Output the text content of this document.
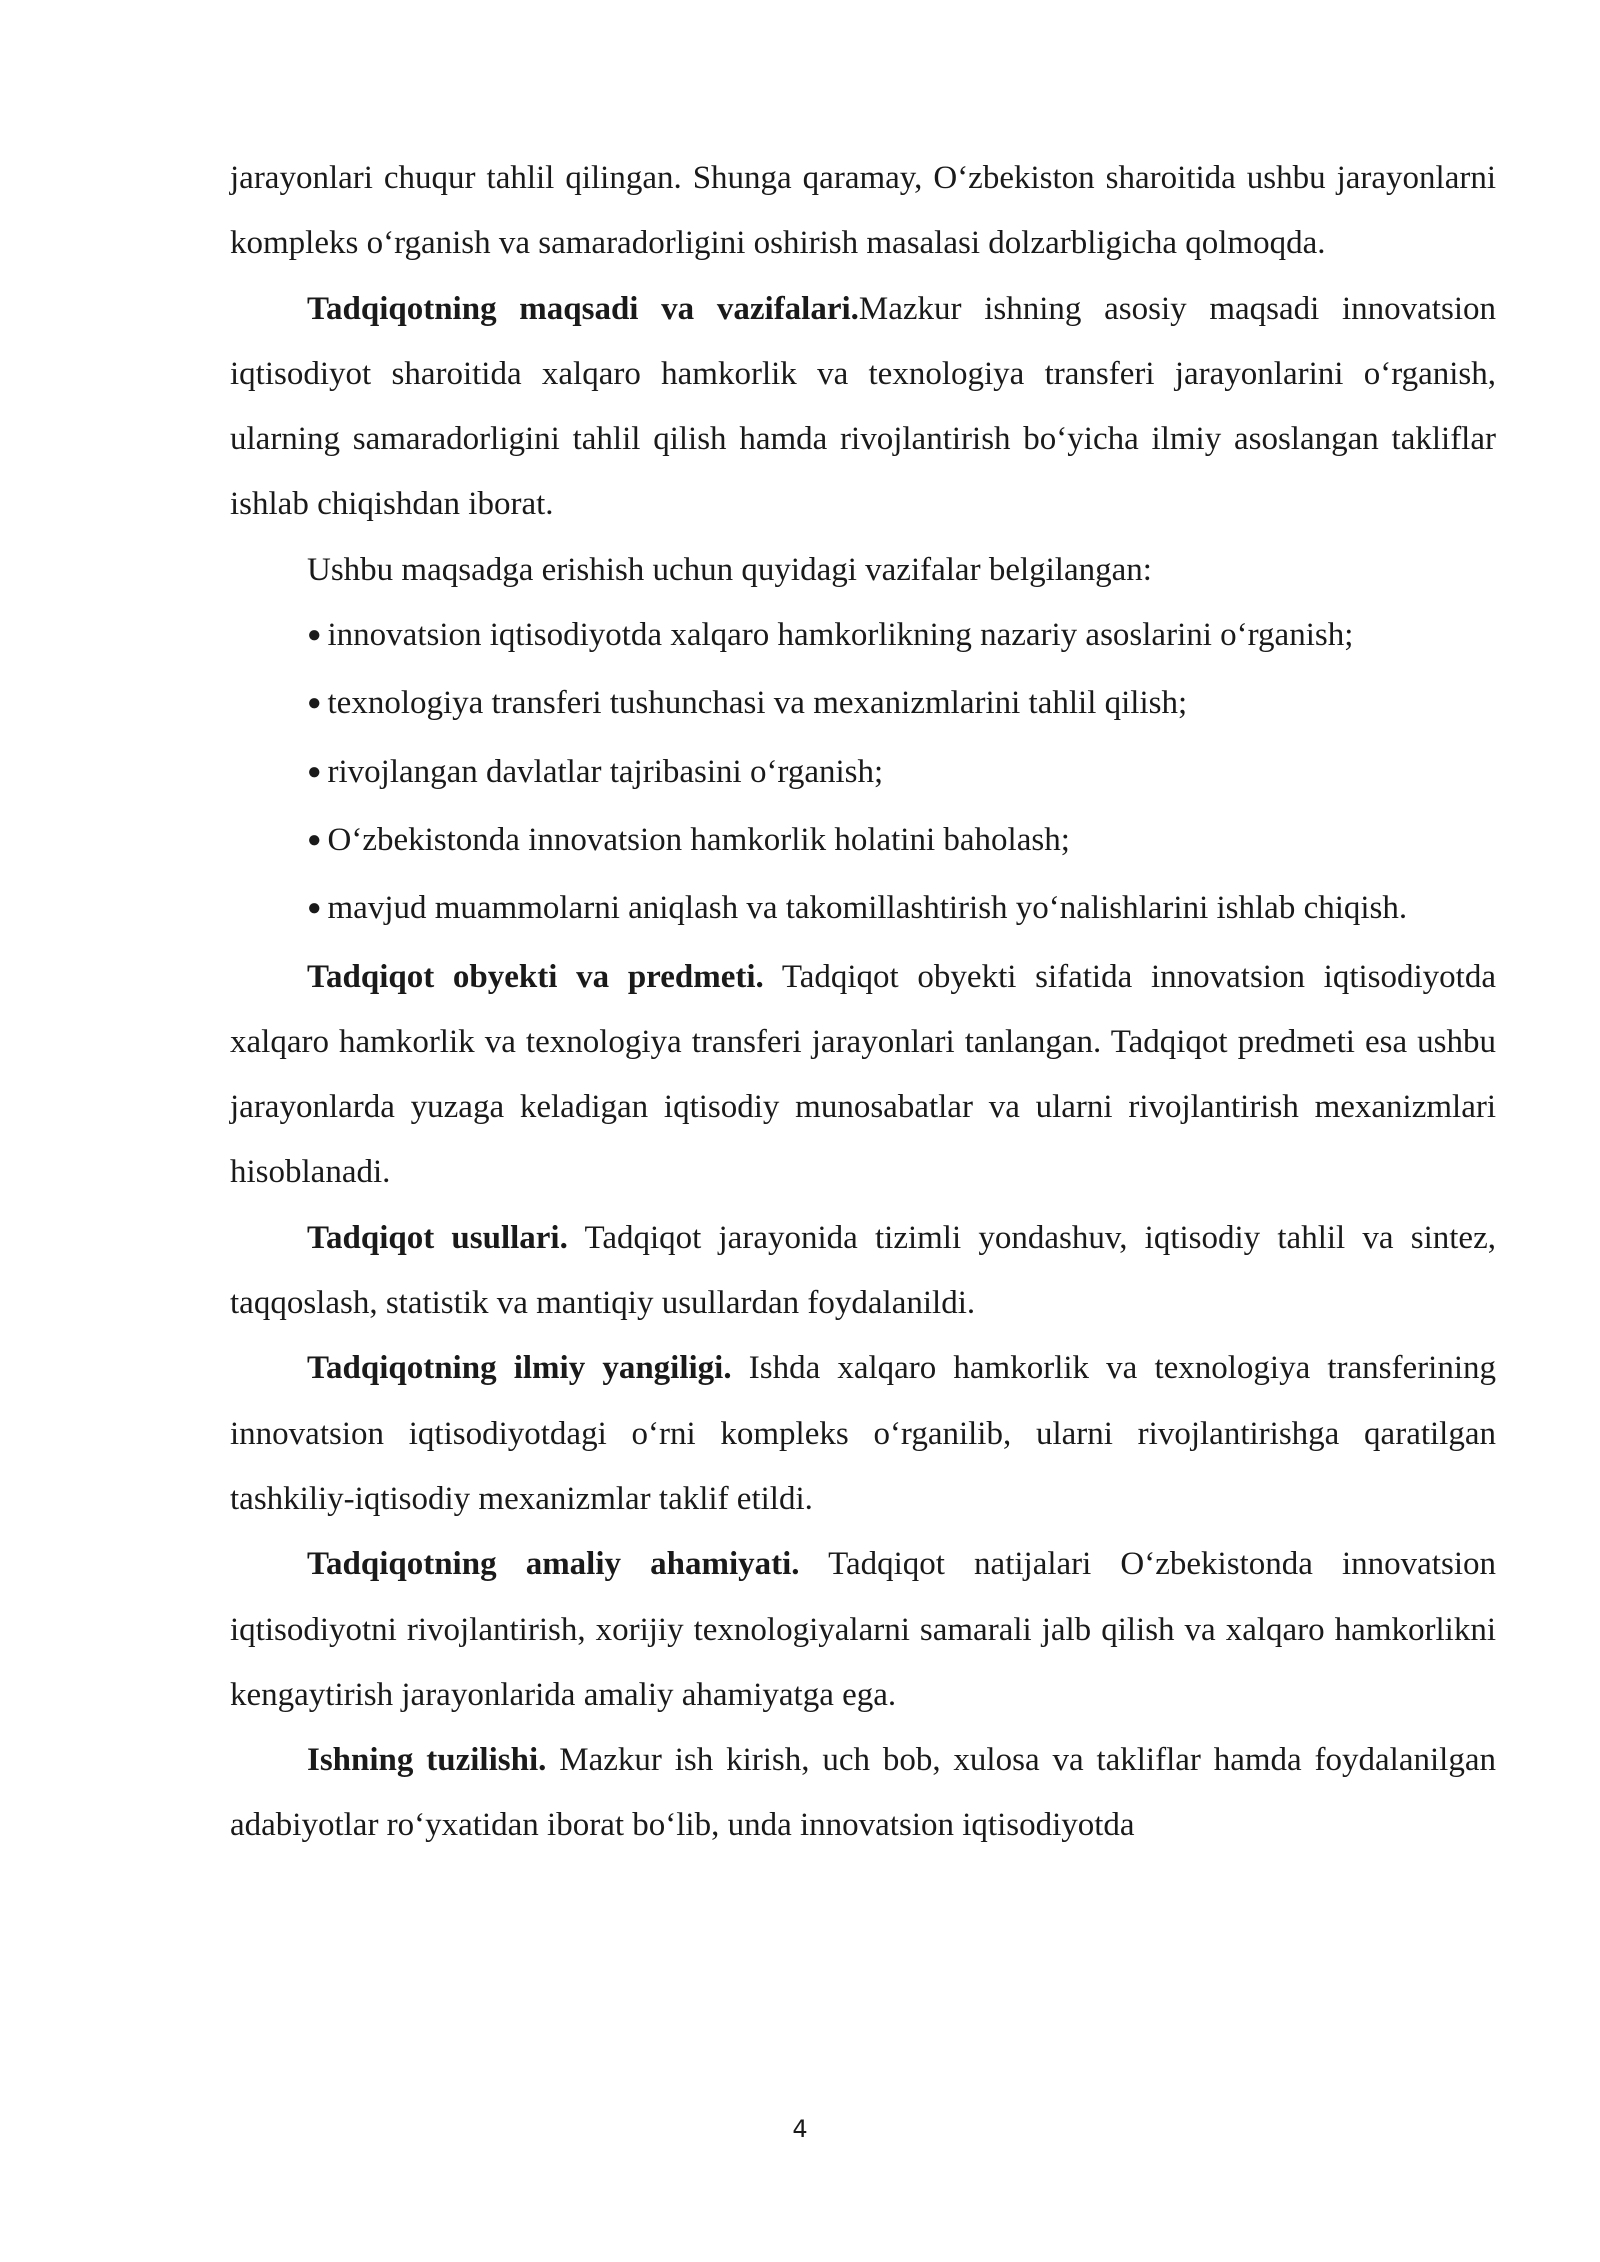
jarayonlari chuqur tahlil qilingan. Shunga qaramay, O‘zbekiston sharoitida ushbu jarayonlarni kompleks o‘rganish va samaradorligini oshirish masalasi dolzarbligicha qolmoqda.

Tadqiqotning maqsadi va vazifalari.Mazkur ishning asosiy maqsadi innovatsion iqtisodiyot sharoitida xalqaro hamkorlik va texnologiya transferi jarayonlarini o‘rganish, ularning samaradorligini tahlil qilish hamda rivojlantirish bo‘yicha ilmiy asoslangan takliflar ishlab chiqishdan iborat.

Ushbu maqsadga erishish uchun quyidagi vazifalar belgilangan:

● innovatsion iqtisodiyotda xalqaro hamkorlikning nazariy asoslarini o‘rganish;

● texnologiya transferi tushunchasi va mexanizmlarini tahlil qilish;

● rivojlangan davlatlar tajribasini o‘rganish;

● O‘zbekistonda innovatsion hamkorlik holatini baholash;

● mavjud muammolarni aniqlash va takomillashtirish yo‘nalishlarini ishlab chiqish.

Tadqiqot obyekti va predmeti. Tadqiqot obyekti sifatida innovatsion iqtisodiyotda xalqaro hamkorlik va texnologiya transferi jarayonlari tanlangan. Tadqiqot predmeti esa ushbu jarayonlarda yuzaga keladigan iqtisodiy munosabatlar va ularni rivojlantirish mexanizmlari hisoblanadi.

Tadqiqot usullari. Tadqiqot jarayonida tizimli yondashuv, iqtisodiy tahlil va sintez, taqqoslash, statistik va mantiqiy usullardan foydalanildi.

Tadqiqotning ilmiy yangiligi. Ishda xalqaro hamkorlik va texnologiya transferining innovatsion iqtisodiyotdagi o‘rni kompleks o‘rganilib, ularni rivojlantirishga qaratilgan tashkiliy-iqtisodiy mexanizmlar taklif etildi.

Tadqiqotning amaliy ahamiyati. Tadqiqot natijalari O‘zbekistonda innovatsion iqtisodiyotni rivojlantirish, xorijiy texnologiyalarni samarali jalb qilish va xalqaro hamkorlikni kengaytirish jarayonlarida amaliy ahamiyatga ega.

Ishning tuzilishi. Mazkur ish kirish, uch bob, xulosa va takliflar hamda foydalanilgan adabiyotlar ro‘yxatidan iborat bo‘lib, unda innovatsion iqtisodiyotda

4
